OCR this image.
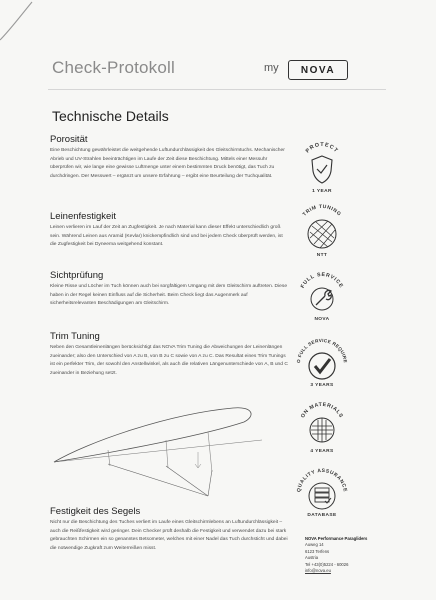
Check-Protokoll	my NOVA
Technische Details
Porosität

Eine Beschichtung gewährleistet die weitgehende Luftundurchlässigkeit des Gleitschirmtuchs. Mechanischer Abrieb und UV-Strahlen beeinträchtigen im Laufe der Zeit diese Beschichtung. Mittels einer Messuhr überprüfen wir, wie lange eine gewisse Luftmenge unter einem bestimmten Druck benötigt, das Tuch zu durchdringen. Der Messwert – ergänzt um unsere Erfahrung – ergibt eine Beurteilung der Tuchqualität.

Leinenfestigkeit

Leinen verlieren im Lauf der Zeit an Zugfestigkeit. Je nach Material kann dieser Effekt unterschiedlich groß sein. Während Leinen aus Aramid (Kevlar) knickempfindlich sind und bei jedem Check überprüft werden, ist die Zugfestigkeit bei Dyneema weitgehend konstant.

Sichtprüfung

Kleine Risse und Löcher im Tuch können auch bei sorgfältigem Umgang mit dem Gleitschirm auftreten. Diese haben in der Regel keinen Einfluss auf die Sicherheit. Beim Check liegt das Augenmerk auf sicherheitsrelevanten Beschädigungen am Gleitschirm.

Trim Tuning

Neben den Gesamtleinenlängen berücksichtigt das NOVA Trim Tuning die Abweichungen der Leinenlängen zueinander; also den Unterschied von A zu B, von B zu C sowie von A zu C. Das Resultat eines Trim Tunings ist ein perfekter Trim, der sowohl den Anstellwinkel, als auch die relativen Längenunterschiede von A, B und C zueinander in Beziehung setzt.

Festigkeit des Segels

Nicht nur die Beschichtung des Tuches verliert im Laufe eines Gleitschirmlebens an Luftundurchlässigkeit – auch die Reißfestigkeit wird geringer. Dein Checker prüft deshalb die Festigkeit und verwendet dazu bei stark gebrauchten Schirmen ein so genanntes Betsometer, welches mit einer Nadel das Tuch durchsticht und dabei die notwendige Zugkraft zum Weiterreißen misst.

PROTECT
1 YEAR
TRIM TUNING
NTT
FULL SERVICE
NOVA
O FULL SERVICE REQUIRE
3 YEARS
ON MATERIALS
4 YEARS
QUALITY ASSURANCE
DATABASE
NOVA Performance Paragliders
Auweg 14
6123 Terfens
Austria
Tel +43(0)5224 - 60026
info@nova.eu
